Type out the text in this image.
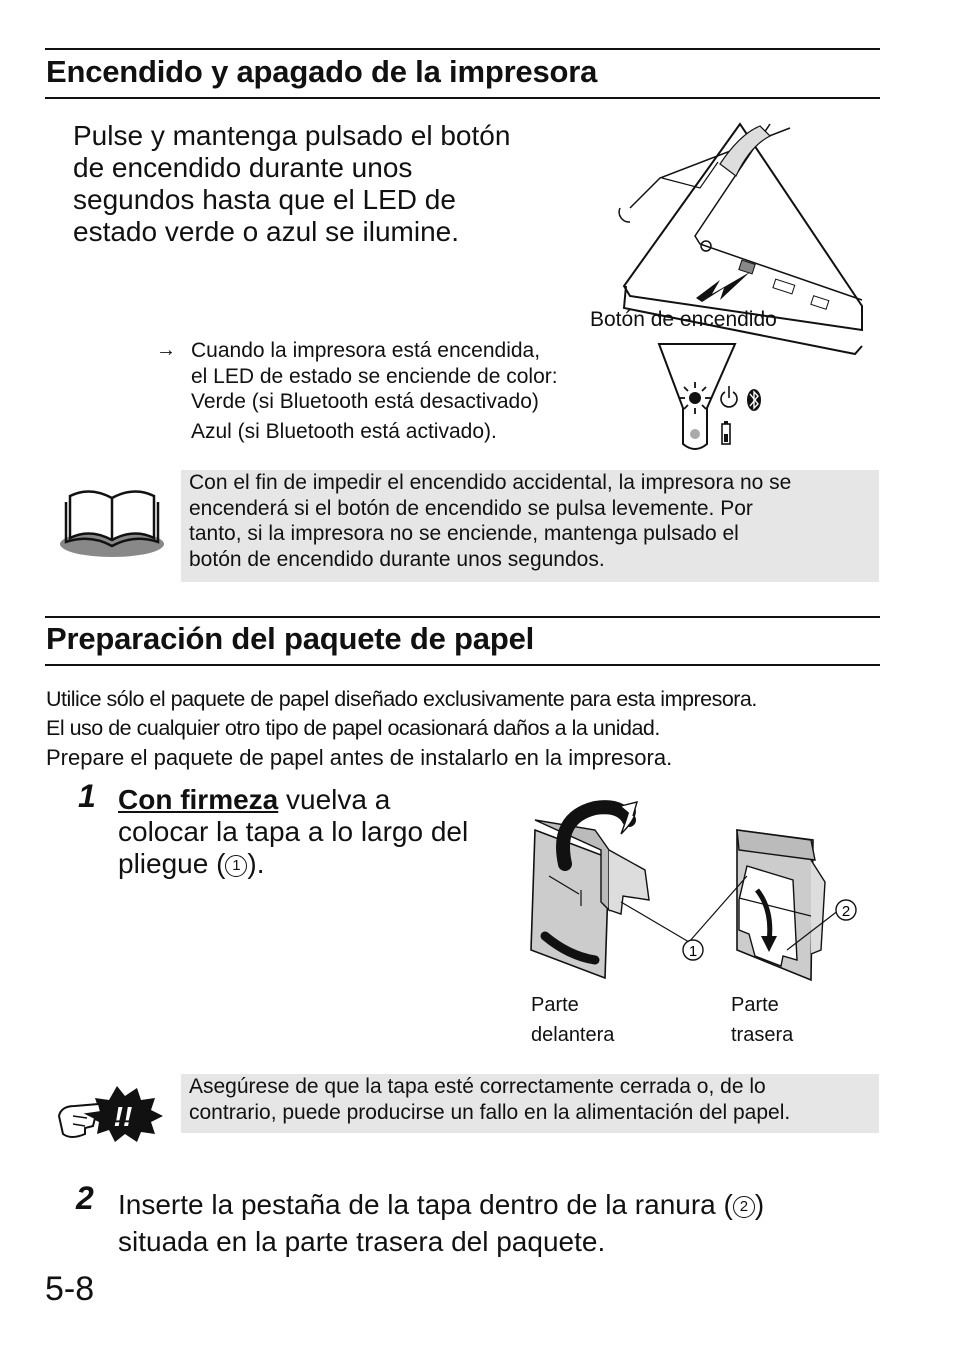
Encendido y apagado de la impresora
Pulse y mantenga pulsado el botón
de encendido durante unos
segundos hasta que el LED de
estado verde o azul se ilumine.
Botón de encendido
→ Cuando la impresora está encendida,
el LED de estado se enciende de color:
Verde (si Bluetooth está desactivado)
Azul (si Bluetooth está activado).
Con el fin de impedir el encendido accidental, la impresora no se
encenderá si el botón de encendido se pulsa levemente. Por
tanto, si la impresora no se enciende, mantenga pulsado el
botón de encendido durante unos segundos.
Preparación del paquete de papel
Utilice sólo el paquete de papel diseñado exclusivamente para esta impresora.
El uso de cualquier otro tipo de papel ocasionará daños a la unidad.
Prepare el paquete de papel antes de instalarlo en la impresora.
1 Con firmeza vuelva a
colocar la tapa a lo largo del
pliegue ( 1 ).
1
2
Parte
delantera
Parte
trasera
!!
Asegúrese de que la tapa esté correctamente cerrada o, de lo
contrario, puede producirse un fallo en la alimentación del papel.
2 Inserte la pestaña de la tapa dentro de la ranura ( 2 )
situada en la parte trasera del paquete.
5-8
